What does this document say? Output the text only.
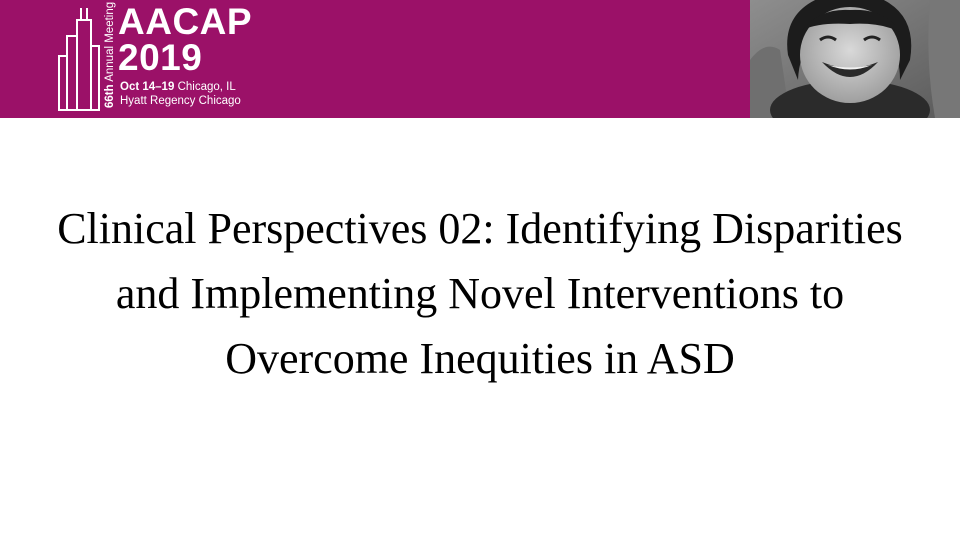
66th Annual Meeting AACAP
2019
Oct 14–19 Chicago, IL
Hyatt Regency Chicago
Clinical Perspectives 02: Identifying Disparities and Implementing Novel Interventions to Overcome Inequities in ASD
